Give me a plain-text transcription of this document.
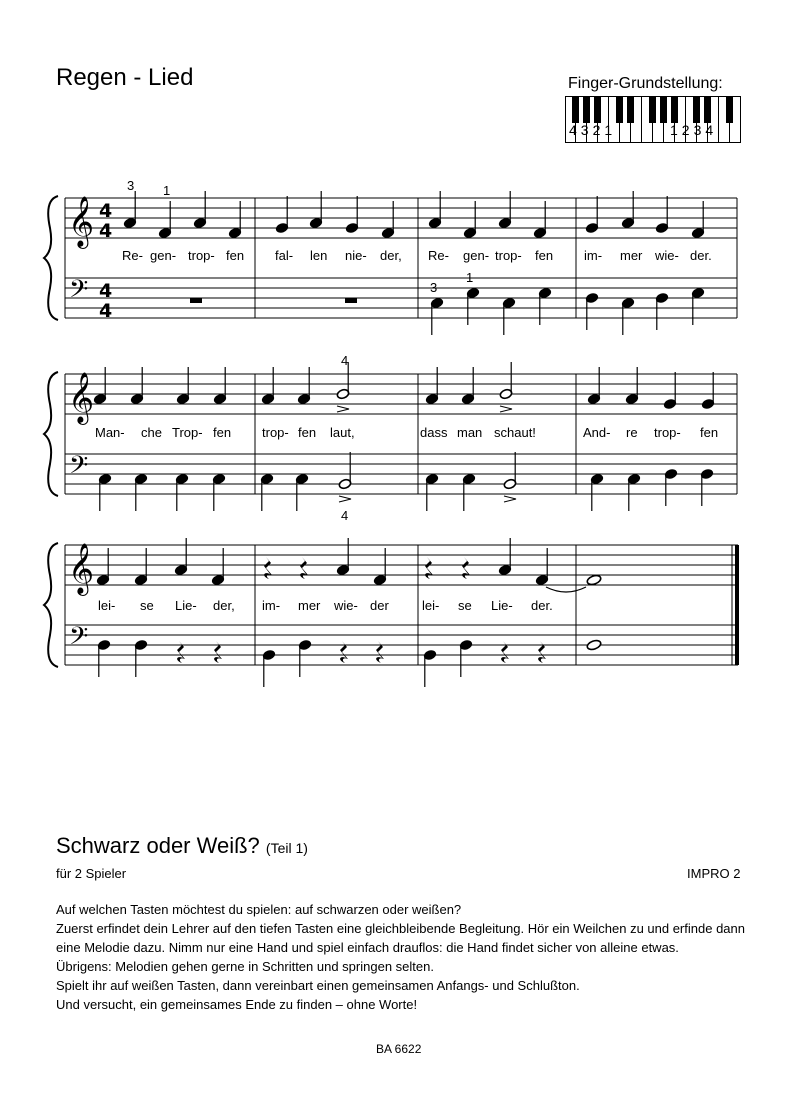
Regen - Lied	Finger-Grundstellung:
4321	1234
𝄞
𝄢
𝄞
𝄢
𝄞
𝄢
4
4
4
4
3 1
3
1
4
4
Re- gen- trop- fen fal- len nie- der, Re- gen- trop- fen im- mer wie- der.
Man- che Trop- fen trop- fen laut,	dass man schaut!	And- re trop- fen
lei- se Lie- der, im- mer wie- der	lei- se Lie- der.
Schwarz oder Weiß? (Teil 1)
für 2 Spieler	IMPRO 2

Auf welchen Tasten möchtest du spielen: auf schwarzen oder weißen?

Zuerst erfindet dein Lehrer auf den tiefen Tasten eine gleichbleibende Begleitung. Hör ein Weilchen zu und erfinde dann eine Melodie dazu. Nimm nur eine Hand und spiel einfach drauflos: die Hand findet sicher von alleine etwas.

Übrigens: Melodien gehen gerne in Schritten und springen selten.

Spielt ihr auf weißen Tasten, dann vereinbart einen gemeinsamen Anfangs- und Schlußton.

Und versucht, ein gemeinsames Ende zu finden – ohne Worte!

BA 6622
